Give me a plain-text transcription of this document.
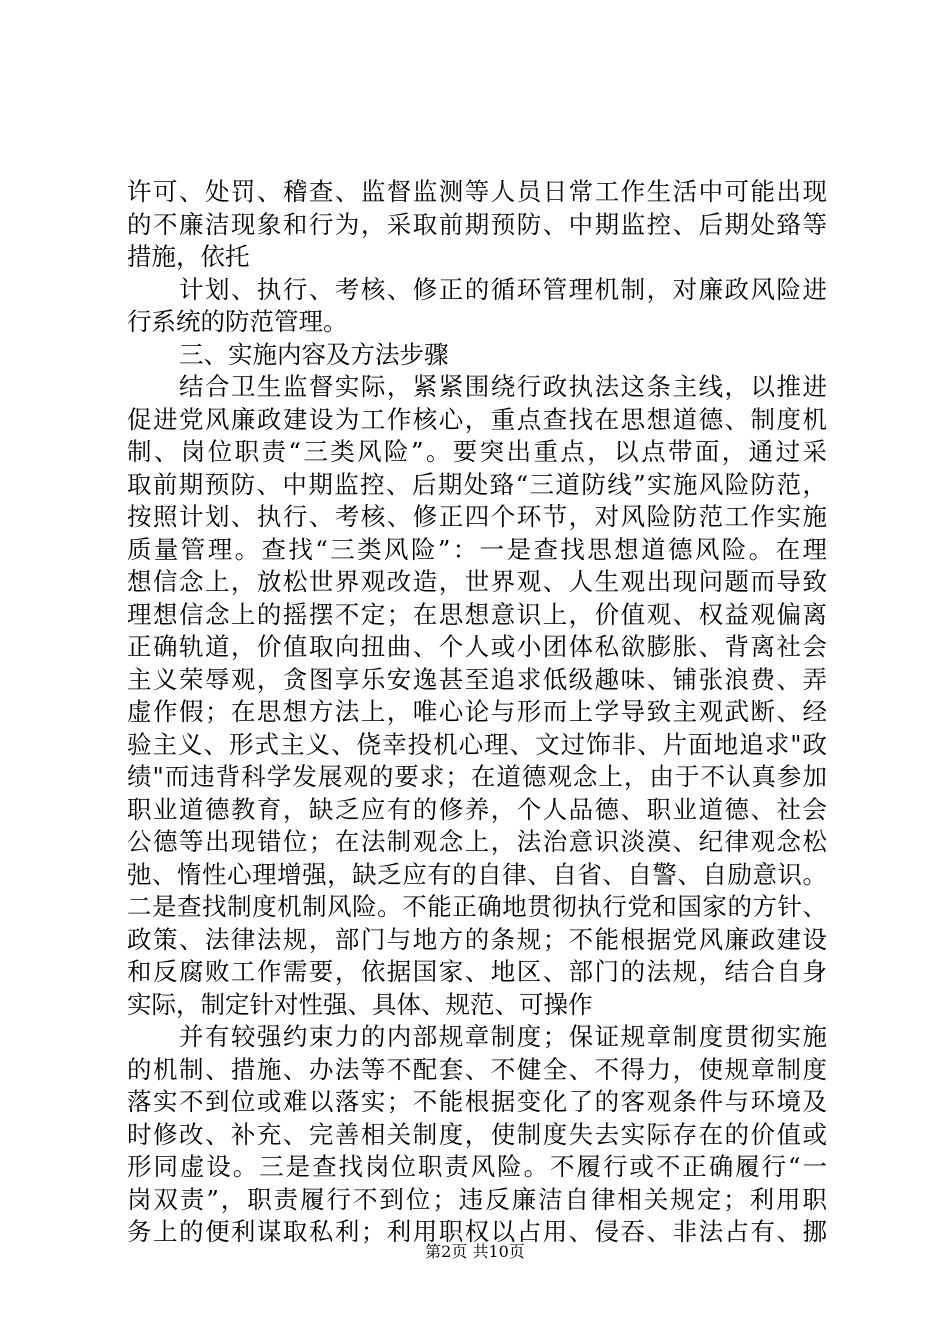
许可、处罚、稽查、监督监测等人员日常工作生活中可能出现
的不廉洁现象和行为，采取前期预防、中期监控、后期处臵等
措施，依托
计划、执行、考核、修正的循环管理机制，对廉政风险进
行系统的防范管理。
三、实施内容及方法步骤
结合卫生监督实际，紧紧围绕行政执法这条主线，以推进
促进党风廉政建设为工作核心，重点查找在思想道德、制度机
制、岗位职责“三类风险”。要突出重点，以点带面，通过采
取前期预防、中期监控、后期处臵“三道防线”实施风险防范，
按照计划、执行、考核、修正四个环节，对风险防范工作实施
质量管理。查找“三类风险”：一是查找思想道德风险。在理
想信念上，放松世界观改造，世界观、人生观出现问题而导致
理想信念上的摇摆不定；在思想意识上，价值观、权益观偏离
正确轨道，价值取向扭曲、个人或小团体私欲膨胀、背离社会
主义荣辱观，贪图享乐安逸甚至追求低级趣味、铺张浪费、弄
虚作假；在思想方法上，唯心论与形而上学导致主观武断、经
验主义、形式主义、侥幸投机心理、文过饰非、片面地追求"政
绩"而违背科学发展观的要求；在道德观念上，由于不认真参加
职业道德教育，缺乏应有的修养，个人品德、职业道德、社会
公德等出现错位；在法制观念上，法治意识淡漠、纪律观念松
弛、惰性心理增强，缺乏应有的自律、自省、自警、自励意识。
二是查找制度机制风险。不能正确地贯彻执行党和国家的方针、
政策、法律法规，部门与地方的条规；不能根据党风廉政建设
和反腐败工作需要，依据国家、地区、部门的法规，结合自身
实际，制定针对性强、具体、规范、可操作
并有较强约束力的内部规章制度；保证规章制度贯彻实施
的机制、措施、办法等不配套、不健全、不得力，使规章制度
落实不到位或难以落实；不能根据变化了的客观条件与环境及
时修改、补充、完善相关制度，使制度失去实际存在的价值或
形同虚设。三是查找岗位职责风险。不履行或不正确履行“一
岗双责”，职责履行不到位；违反廉洁自律相关规定；利用职
务上的便利谋取私利；利用职权以占用、侵吞、非法占有、挪
第2页 共10页
